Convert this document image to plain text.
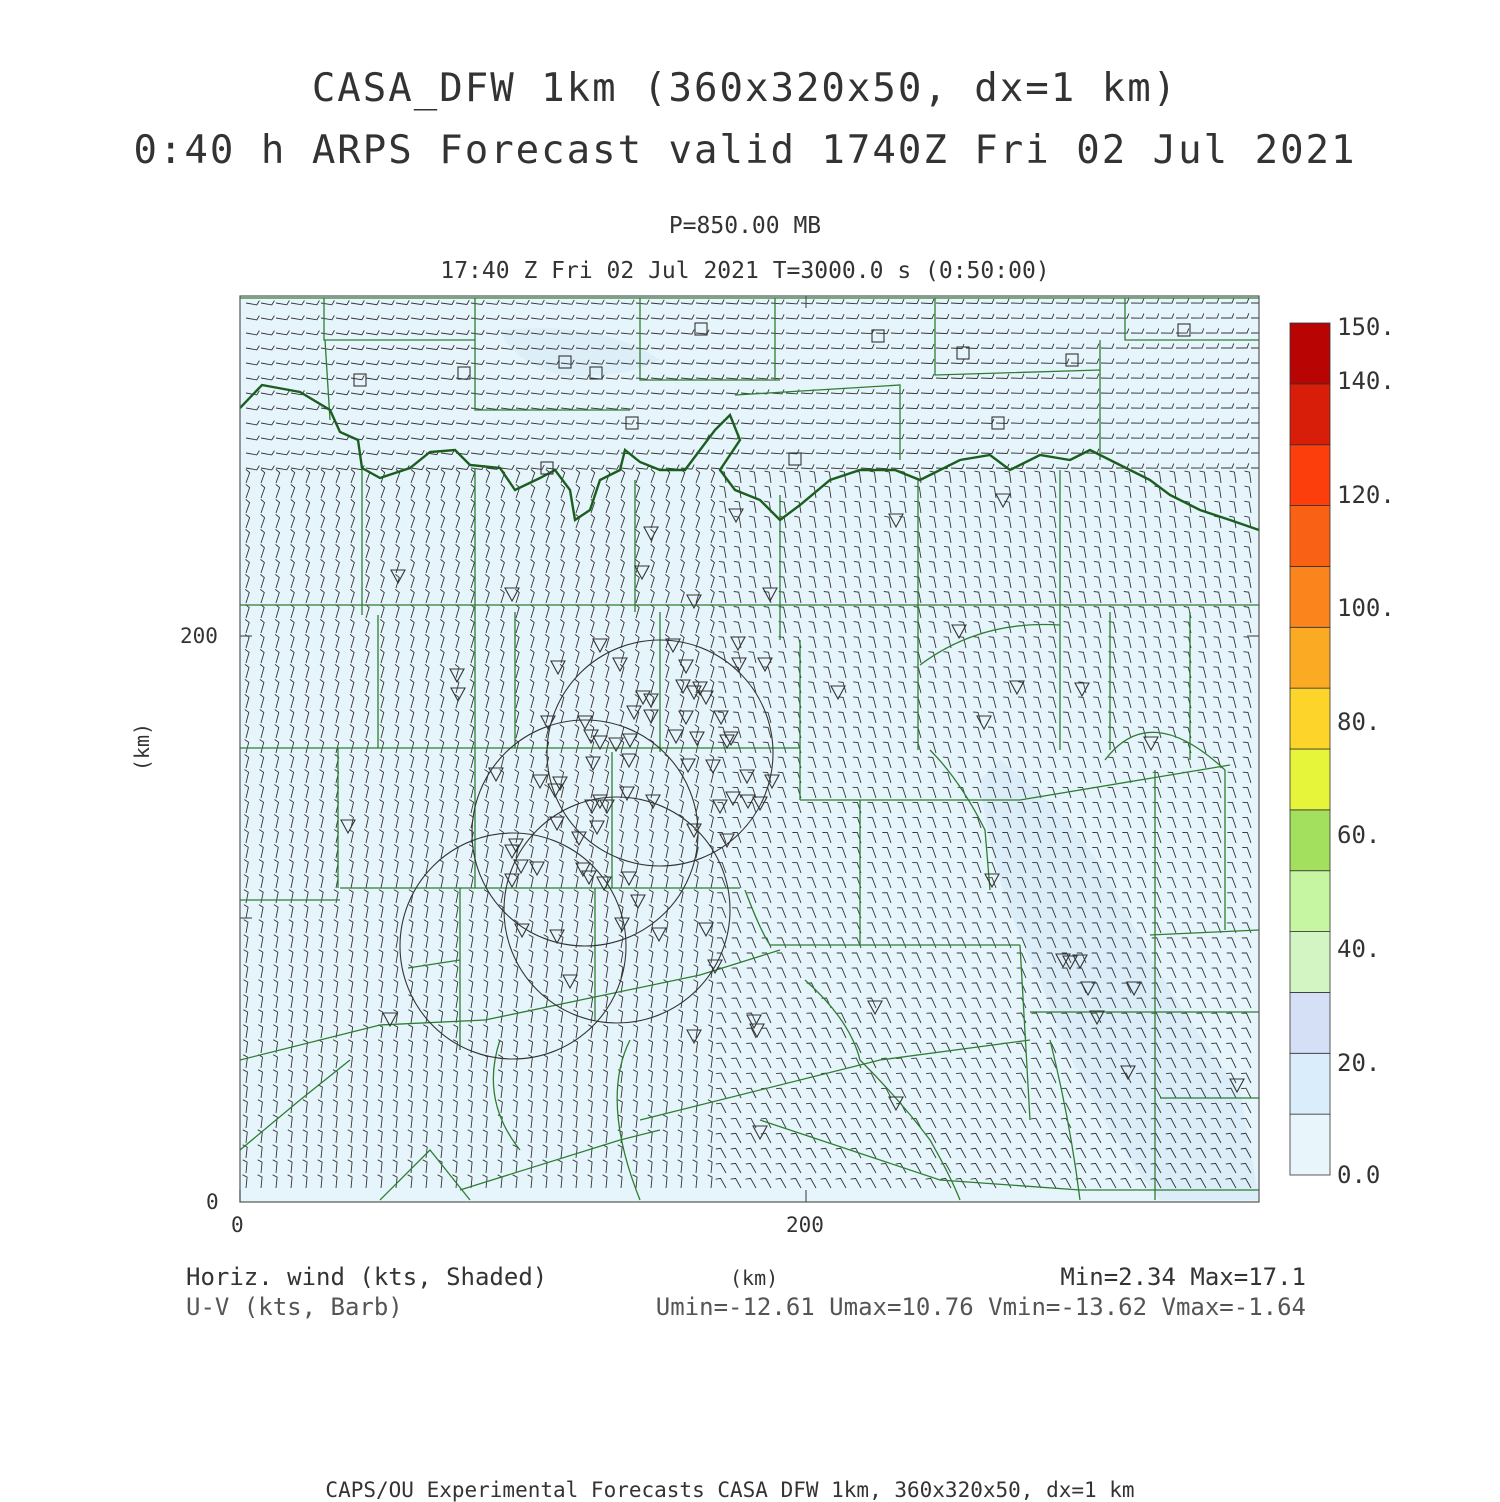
CASA_DFW 1km (360x320x50, dx=1 km)
0:40 h ARPS Forecast valid 1740Z Fri 02 Jul 2021
P=850.00 MB
17:40 Z Fri 02 Jul 2021 T=3000.0 s (0:50:00)
200
0
0	200
(km)
150.
140.
120.
100.
80.
60.
40.
20.
0.0
Horiz. wind (kts, Shaded)
U-V (kts, Barb)
(km)	Min=2.34 Max=17.1
Umin=-12.61 Umax=10.76 Vmin=-13.62 Vmax=-1.64
CAPS/OU Experimental Forecasts CASA DFW 1km, 360x320x50, dx=1 km
